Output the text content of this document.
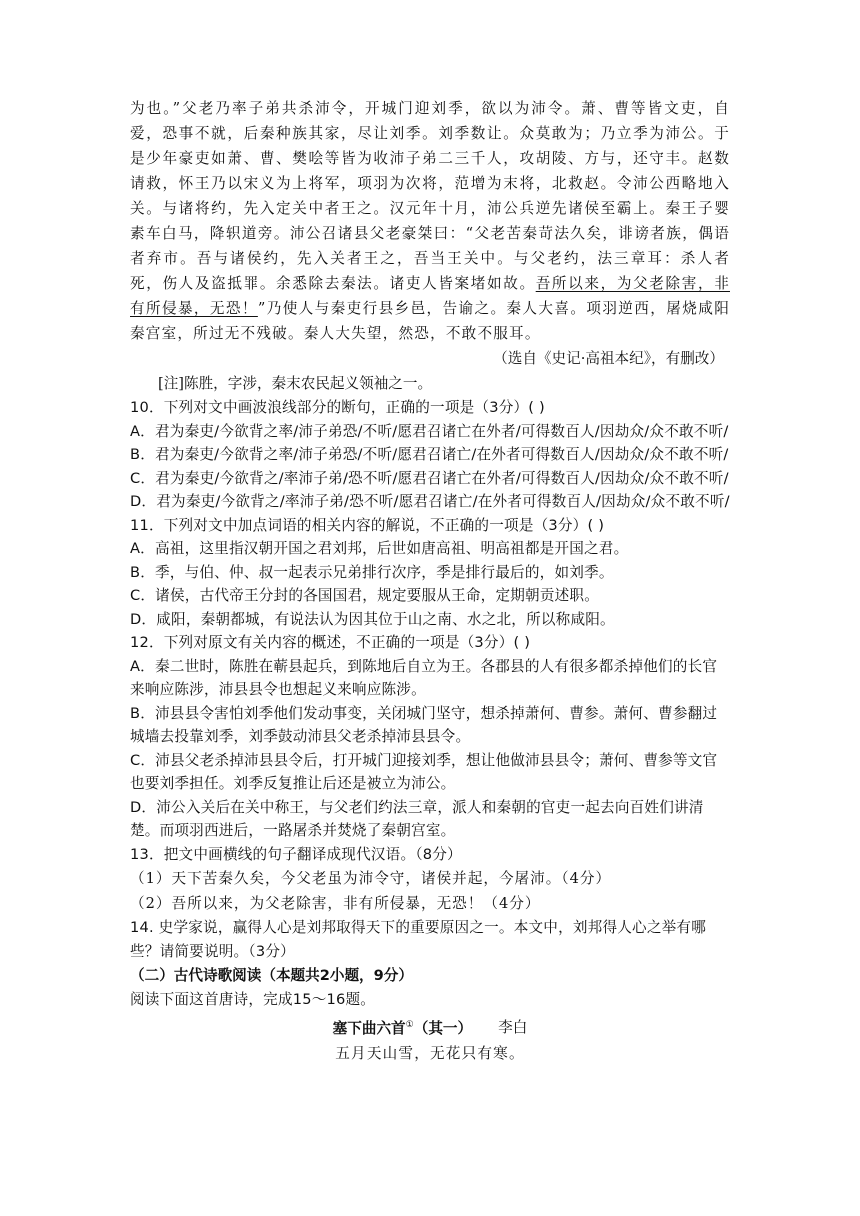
为也。”父老乃率子弟共杀沛令，开城门迎刘季，欲以为沛令。萧、曹等皆文吏，自爱，恐事不就，后秦种族其家，尽让刘季。刘季数让。众莫敢为；乃立季为沛公。于是少年豪吏如萧、曹、樊哙等皆为收沛子弟二三千人，攻胡陵、方与，还守丰。赵数请救，怀王乃以宋义为上将军，项羽为次将，范增为末将，北救赵。令沛公西略地入关。与诸将约，先入定关中者王之。汉元年十月，沛公兵逆先诸侯至霸上。秦王子婴素车白马，降轵道旁。沛公召诸县父老豪桀曰：“父老苦秦苛法久矣，诽谤者族，偶语者弃市。吾与诸侯约，先入关者王之，吾当王关中。与父老约，法三章耳：杀人者死，伤人及盗抵罪。余悉除去秦法。诸吏人皆案堵如故。吾所以来，为父老除害，非有所侵暴，无恐！”乃使人与秦吏行县乡邑，告谕之。秦人大喜。项羽逆西，屠烧咸阳秦宫室，所过无不残破。秦人大失望，然恐，不敢不服耳。

（选自《史记·高祖本纪》，有删改）

[注]陈胜，字涉，秦末农民起义领袖之一。

10．下列对文中画波浪线部分的断句，正确的一项是（3分）( )

A．君为秦吏/今欲背之率/沛子弟恐/不听/愿君召诸亡在外者/可得数百人/因劫众/众不敢不听/

B．君为秦吏/今欲背之率/沛子弟恐/不听/愿君召诸亡/在外者可得数百人/因劫众/众不敢不听/

C．君为秦吏/今欲背之/率沛子弟/恐不听/愿君召诸亡在外者/可得数百人/因劫众/众不敢不听/

D．君为秦吏/今欲背之/率沛子弟/恐不听/愿君召诸亡/在外者可得数百人/因劫众/众不敢不听/

11．下列对文中加点词语的相关内容的解说，不正确的一项是（3分）( )

A．高祖，这里指汉朝开国之君刘邦，后世如唐高祖、明高祖都是开国之君。

B．季，与伯、仲、叔一起表示兄弟排行次序，季是排行最后的，如刘季。

C．诸侯，古代帝王分封的各国国君，规定要服从王命，定期朝贡述职。

D．咸阳，秦朝都城，有说法认为因其位于山之南、水之北，所以称咸阳。

12．下列对原文有关内容的概述，不正确的一项是（3分）( )

A．秦二世时，陈胜在蕲县起兵，到陈地后自立为王。各郡县的人有很多都杀掉他们的长官来响应陈涉，沛县县令也想起义来响应陈涉。

B．沛县县令害怕刘季他们发动事变，关闭城门坚守，想杀掉萧何、曹参。萧何、曹参翻过城墙去投靠刘季，刘季鼓动沛县父老杀掉沛县县令。

C．沛县父老杀掉沛县县令后，打开城门迎接刘季，想让他做沛县县令；萧何、曹参等文官也要刘季担任。刘季反复推让后还是被立为沛公。

D．沛公入关后在关中称王，与父老们约法三章，派人和秦朝的官吏一起去向百姓们讲清楚。而项羽西进后，一路屠杀并焚烧了秦朝宫室。

13．把文中画横线的句子翻译成现代汉语。（8分）

（1）天下苦秦久矣，今父老虽为沛令守，诸侯并起，今屠沛。（4分）

（2）吾所以来，为父老除害，非有所侵暴，无恐！（4分）

14. 史学家说，赢得人心是刘邦取得天下的重要原因之一。本文中，刘邦得人心之举有哪些？请简要说明。（3分）

（二）古代诗歌阅读（本题共2小题，9分）

阅读下面这首唐诗，完成15～16题。

塞下曲六首①（其一） 李白

五月天山雪，无花只有寒。
